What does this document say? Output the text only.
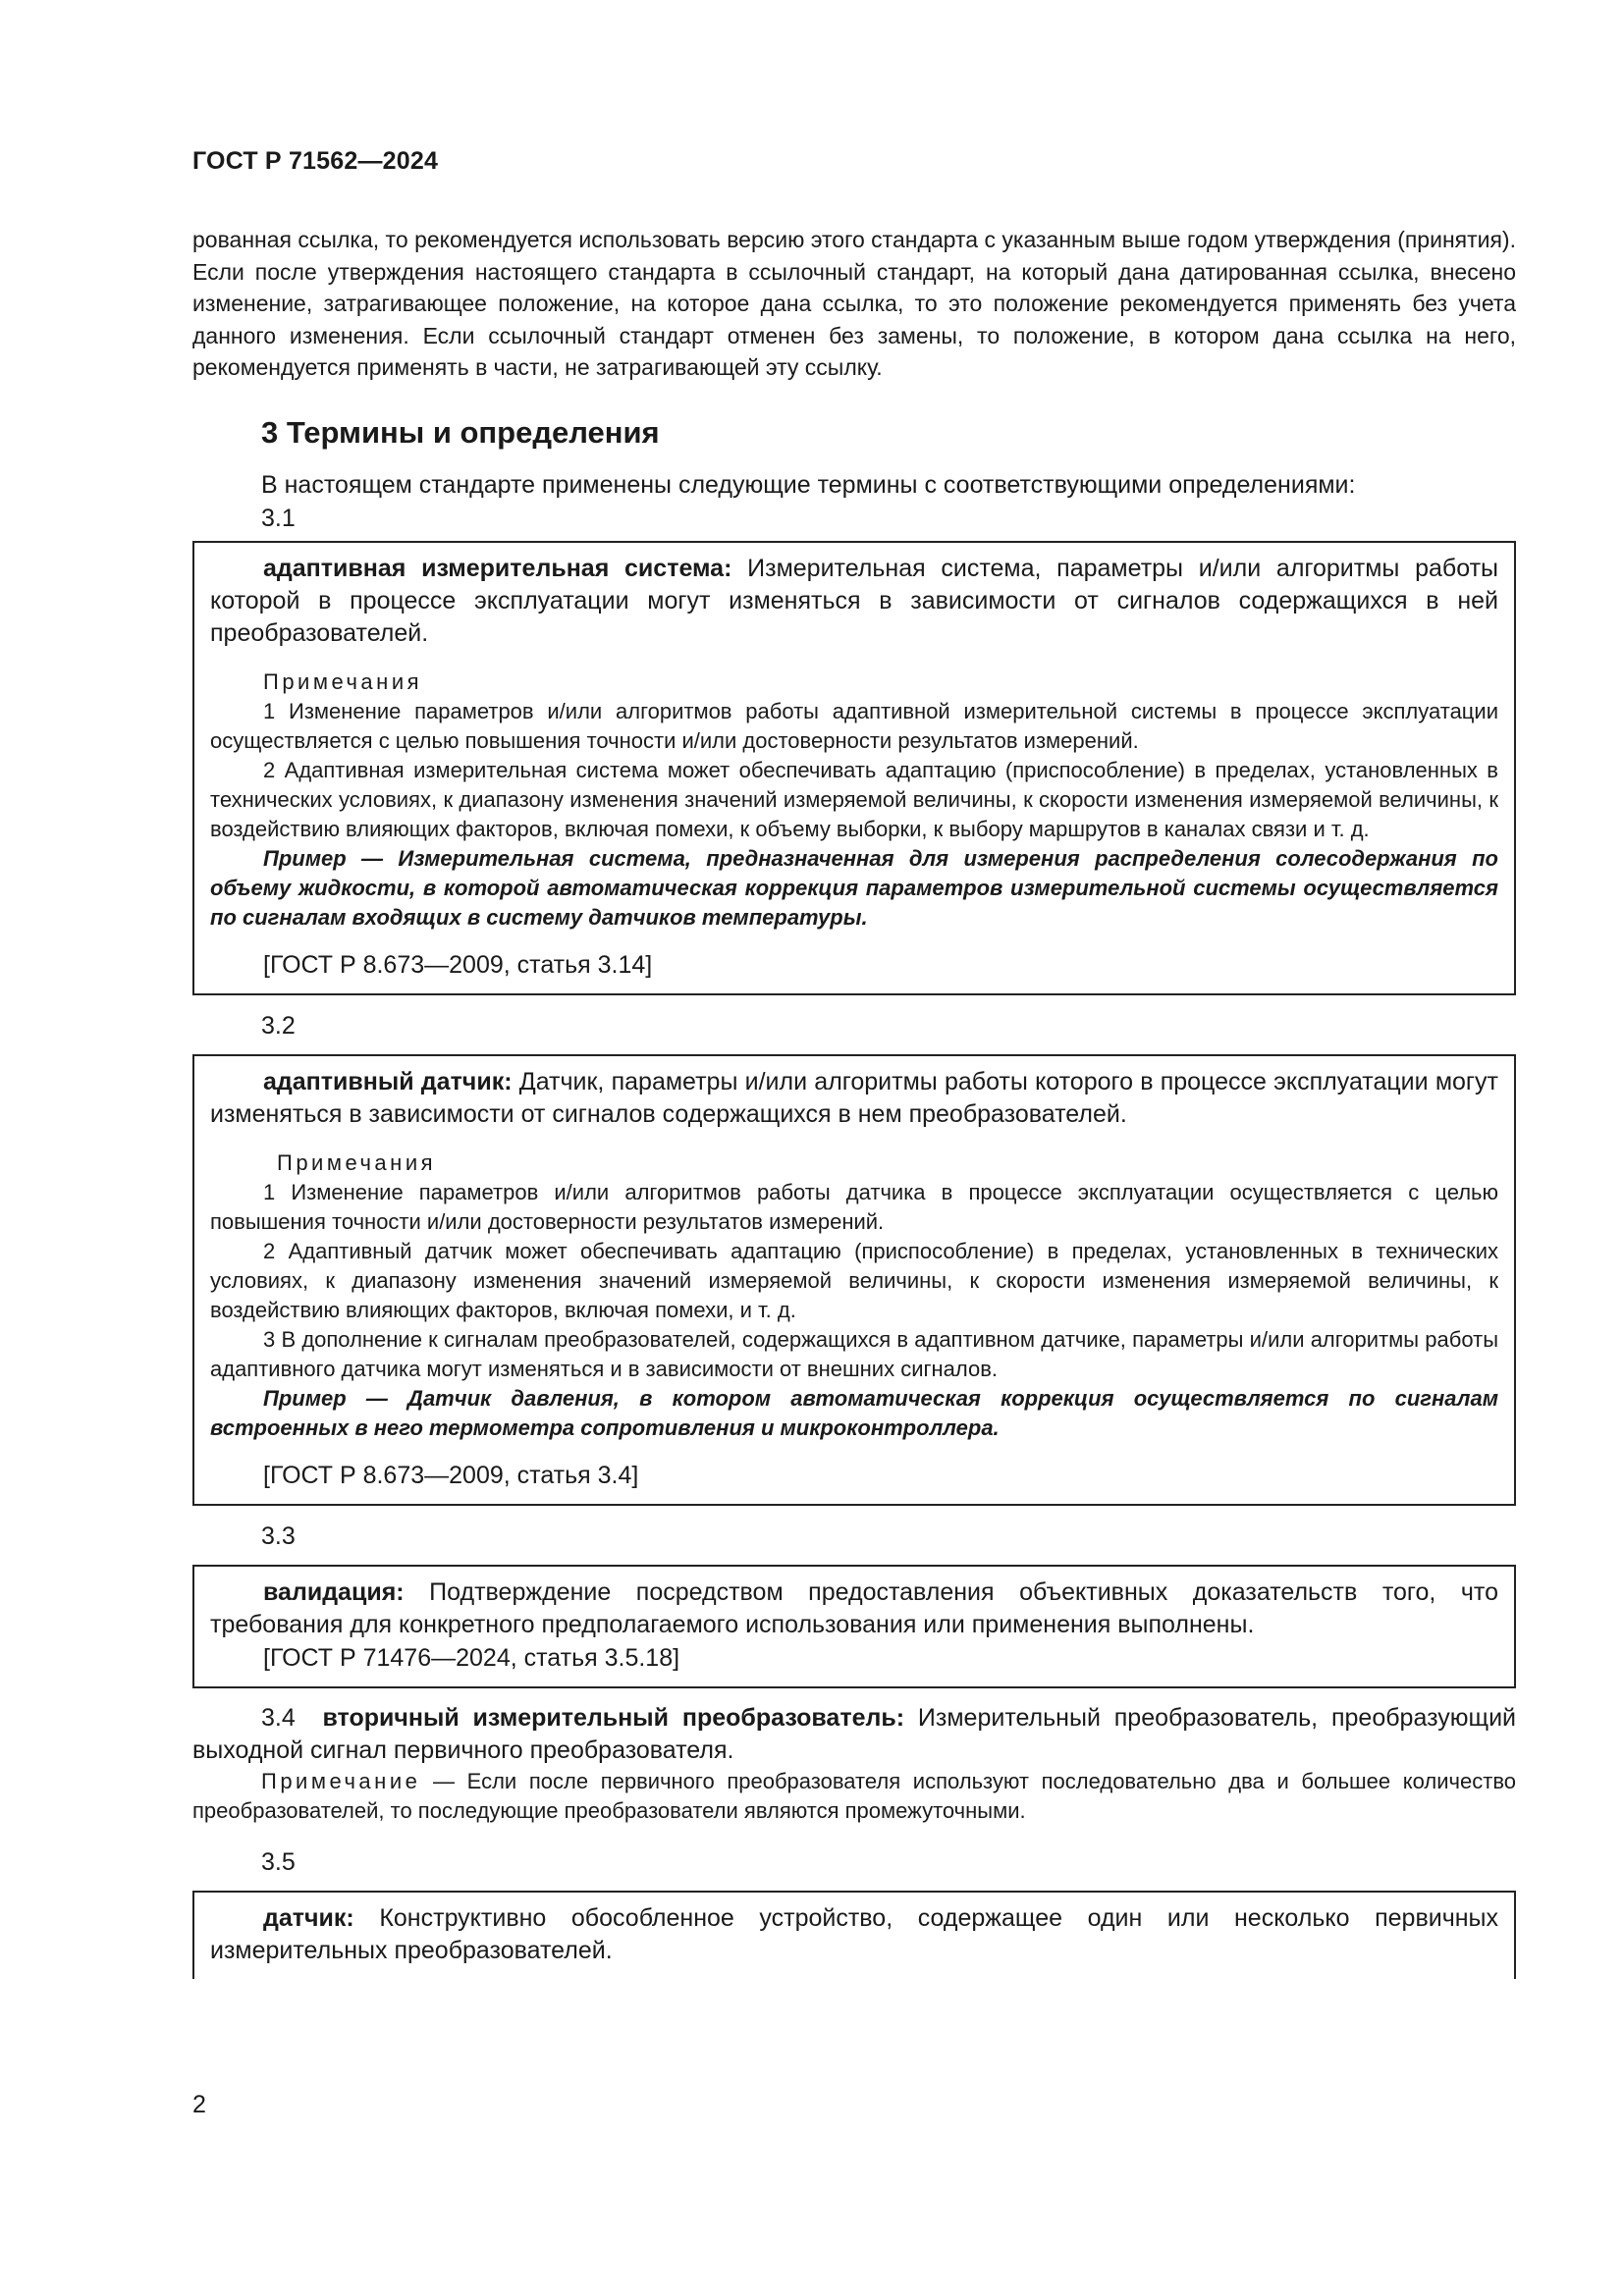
ГОСТ Р 71562—2024

рованная ссылка, то рекомендуется использовать версию этого стандарта с указанным выше годом утверждения (принятия). Если после утверждения настоящего стандарта в ссылочный стандарт, на который дана датированная ссылка, внесено изменение, затрагивающее положение, на которое дана ссылка, то это положение рекомендуется применять без учета данного изменения. Если ссылочный стандарт отменен без замены, то положение, в котором дана ссылка на него, рекомендуется применять в части, не затрагивающей эту ссылку.

3 Термины и определения

В настоящем стандарте применены следующие термины с соответствующими определениями:

3.1

адаптивная измерительная система: Измерительная система, параметры и/или алгоритмы работы которой в процессе эксплуатации могут изменяться в зависимости от сигналов содержащихся в ней преобразователей.

Примечания

1 Изменение параметров и/или алгоритмов работы адаптивной измерительной системы в процессе эксплуатации осуществляется с целью повышения точности и/или достоверности результатов измерений.

2 Адаптивная измерительная система может обеспечивать адаптацию (приспособление) в пределах, установленных в технических условиях, к диапазону изменения значений измеряемой величины, к скорости изменения измеряемой величины, к воздействию влияющих факторов, включая помехи, к объему выборки, к выбору маршрутов в каналах связи и т. д.

Пример — Измерительная система, предназначенная для измерения распределения солесодержания по объему жидкости, в которой автоматическая коррекция параметров измерительной системы осуществляется по сигналам входящих в систему датчиков температуры.

[ГОСТ Р 8.673—2009, статья 3.14]

3.2

адаптивный датчик: Датчик, параметры и/или алгоритмы работы которого в процессе эксплуатации могут изменяться в зависимости от сигналов содержащихся в нем преобразователей.

Примечания

1 Изменение параметров и/или алгоритмов работы датчика в процессе эксплуатации осуществляется с целью повышения точности и/или достоверности результатов измерений.

2 Адаптивный датчик может обеспечивать адаптацию (приспособление) в пределах, установленных в технических условиях, к диапазону изменения значений измеряемой величины, к скорости изменения измеряемой величины, к воздействию влияющих факторов, включая помехи, и т. д.

3 В дополнение к сигналам преобразователей, содержащихся в адаптивном датчике, параметры и/или алгоритмы работы адаптивного датчика могут изменяться и в зависимости от внешних сигналов.

Пример — Датчик давления, в котором автоматическая коррекция осуществляется по сигналам встроенных в него термометра сопротивления и микроконтроллера.

[ГОСТ Р 8.673—2009, статья 3.4]

3.3

валидация: Подтверждение посредством предоставления объективных доказательств того, что требования для конкретного предполагаемого использования или применения выполнены.

[ГОСТ Р 71476—2024, статья 3.5.18]

3.4 вторичный измерительный преобразователь: Измерительный преобразователь, преобразующий выходной сигнал первичного преобразователя.

Примечание — Если после первичного преобразователя используют последовательно два и большее количество преобразователей, то последующие преобразователи являются промежуточными.

3.5

датчик: Конструктивно обособленное устройство, содержащее один или несколько первичных измерительных преобразователей.

2
